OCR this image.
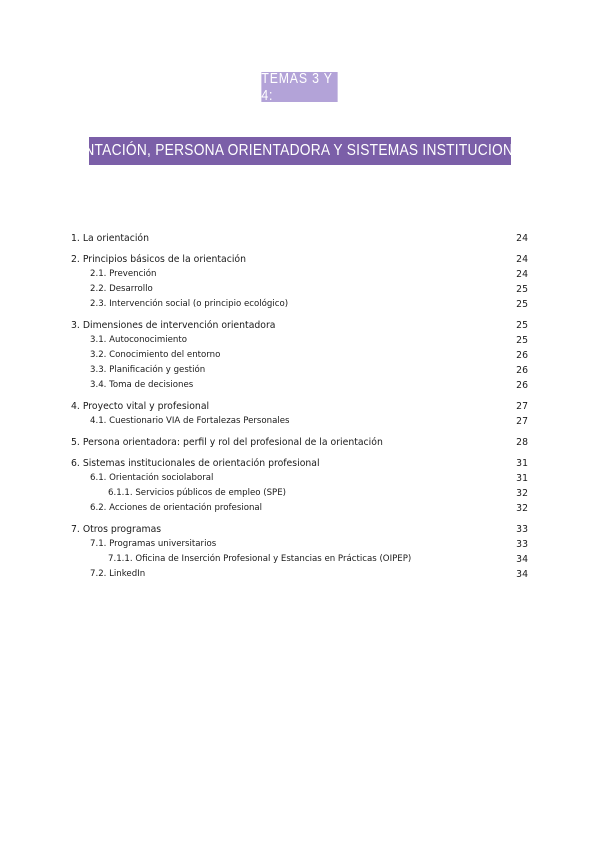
TEMAS 3 Y 4:
ORIENTACIÓN, PERSONA ORIENTADORA Y SISTEMAS INSTITUCIONALES
1. La orientación	24
2. Principios básicos de la orientación	24
2.1. Prevención	24
2.2. Desarrollo	25
2.3. Intervención social (o principio ecológico)	25
3. Dimensiones de intervención orientadora	25
3.1. Autoconocimiento	25
3.2. Conocimiento del entorno	26
3.3. Planificación y gestión	26
3.4. Toma de decisiones	26
4. Proyecto vital y profesional	27
4.1. Cuestionario VIA de Fortalezas Personales	27
5. Persona orientadora: perfil y rol del profesional de la orientación	28
6. Sistemas institucionales de orientación profesional	31
6.1. Orientación sociolaboral	31
6.1.1. Servicios públicos de empleo (SPE)	32
6.2. Acciones de orientación profesional	32
7. Otros programas	33
7.1. Programas universitarios	33
7.1.1. Oficina de Inserción Profesional y Estancias en Prácticas (OIPEP)	34
7.2. LinkedIn	34
